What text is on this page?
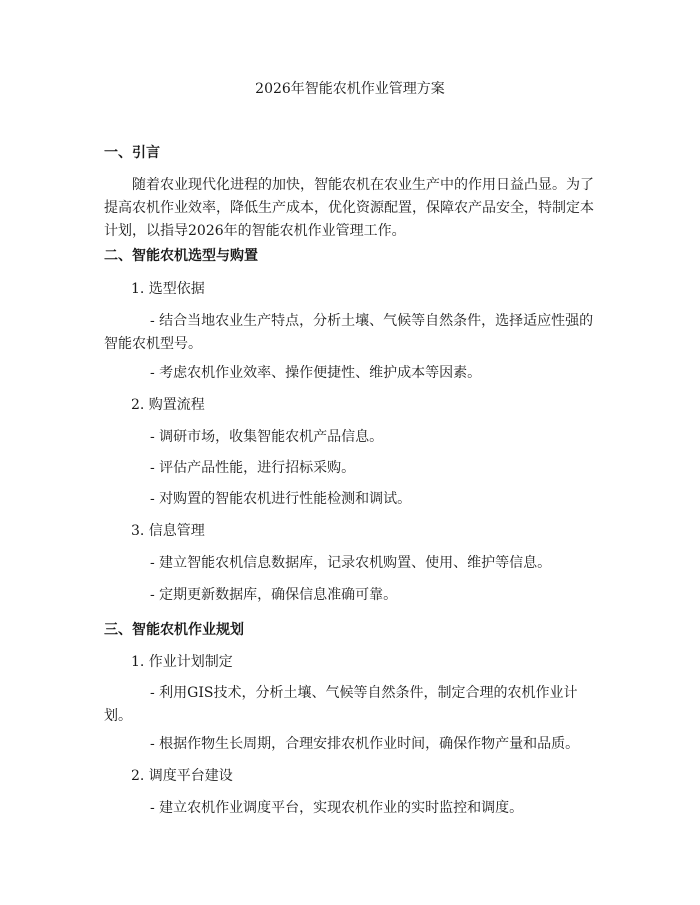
2026年智能农机作业管理方案
一、引言
随着农业现代化进程的加快，智能农机在农业生产中的作用日益凸显。为了提高农机作业效率，降低生产成本，优化资源配置，保障农产品安全，特制定本计划，以指导2026年的智能农机作业管理工作。
二、智能农机选型与购置
1. 选型依据
- 结合当地农业生产特点，分析土壤、气候等自然条件，选择适应性强的智能农机型号。
- 考虑农机作业效率、操作便捷性、维护成本等因素。
2. 购置流程
- 调研市场，收集智能农机产品信息。
- 评估产品性能，进行招标采购。
- 对购置的智能农机进行性能检测和调试。
3. 信息管理
- 建立智能农机信息数据库，记录农机购置、使用、维护等信息。
- 定期更新数据库，确保信息准确可靠。
三、智能农机作业规划
1. 作业计划制定
- 利用GIS技术，分析土壤、气候等自然条件，制定合理的农机作业计划。
- 根据作物生长周期，合理安排农机作业时间，确保作物产量和品质。
2. 调度平台建设
- 建立农机作业调度平台，实现农机作业的实时监控和调度。
